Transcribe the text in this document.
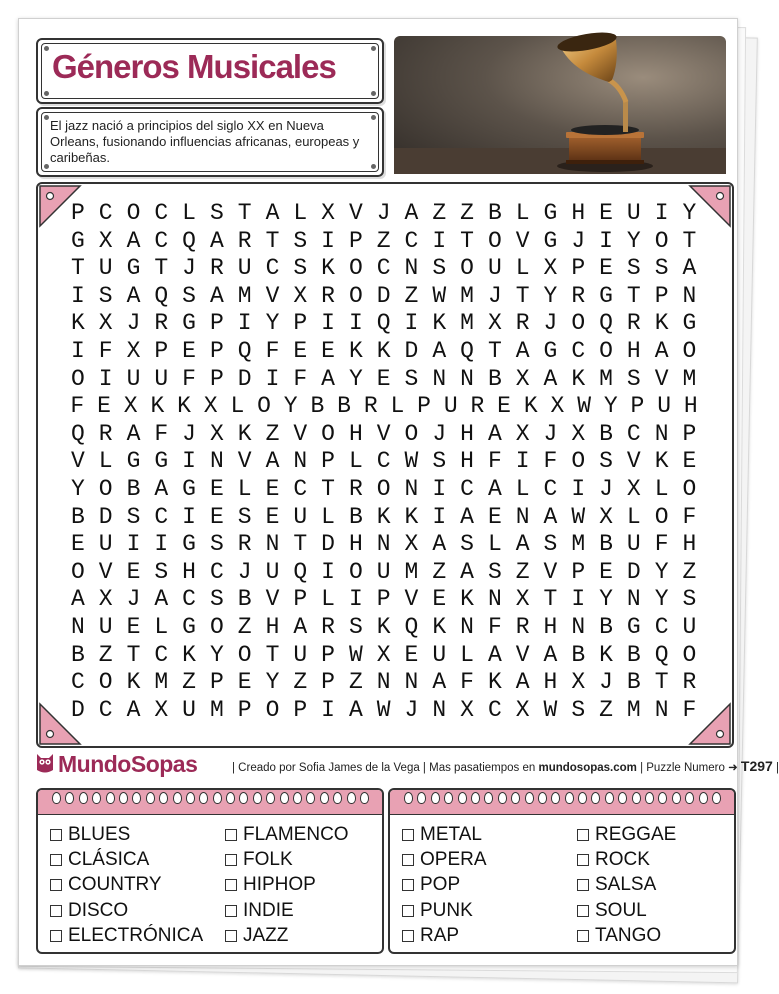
Géneros Musicales
El jazz nació a principios del siglo XX en Nueva Orleans, fusionando influencias africanas, europeas y caribeñas.
P C O C L S T A L X V J A Z Z B L G H E U I Y
G X A C Q A R T S I P Z C I T O V G J I Y O T
T U G T J R U C S K O C N S O U L X P E S S A
I S A Q S A M V X R O D Z W M J T Y R G T P N
K X J R G P I Y P I I Q I K M X R J O Q R K G
I F X P E P Q F E E K K D A Q T A G C O H A O
O I U U F P D I F A Y E S N N B X A K M S V M
F E X K K X L O Y B B R L P U R E K X W Y P U H
Q R A F J X K Z V O H V O J H A X J X B C N P
V L G G I N V A N P L C W S H F I F O S V K E
Y O B A G E L E C T R O N I C A L C I J X L O
B D S C I E S E U L B K K I A E N A W X L O F
E U I I G S R N T D H N X A S L A S M B U F H
O V E S H C J U Q I O U M Z A S Z V P E D Y Z
A X J A C S B V P L I P V E K N X T I Y N Y S
N U E L G O Z H A R S K Q K N F R H N B G C U
B Z T C K Y O T U P W X E U L A V A B K B Q O
C O K M Z P E Y Z P Z N N A F K A H X J B T R
D C A X U M P O P I A W J N X C X W S Z M N F
MundoSopas	| Creado por Sofia James de la Vega | Mas pasatiempos en mundosopas.com | Puzzle Numero ➜ T297 |
BLUES
CLÁSICA
COUNTRY
DISCO
ELECTRÓNICA
FLAMENCO
FOLK
HIPHOP
INDIE
JAZZ
METAL
OPERA
POP
PUNK
RAP
REGGAE
ROCK
SALSA
SOUL
TANGO
